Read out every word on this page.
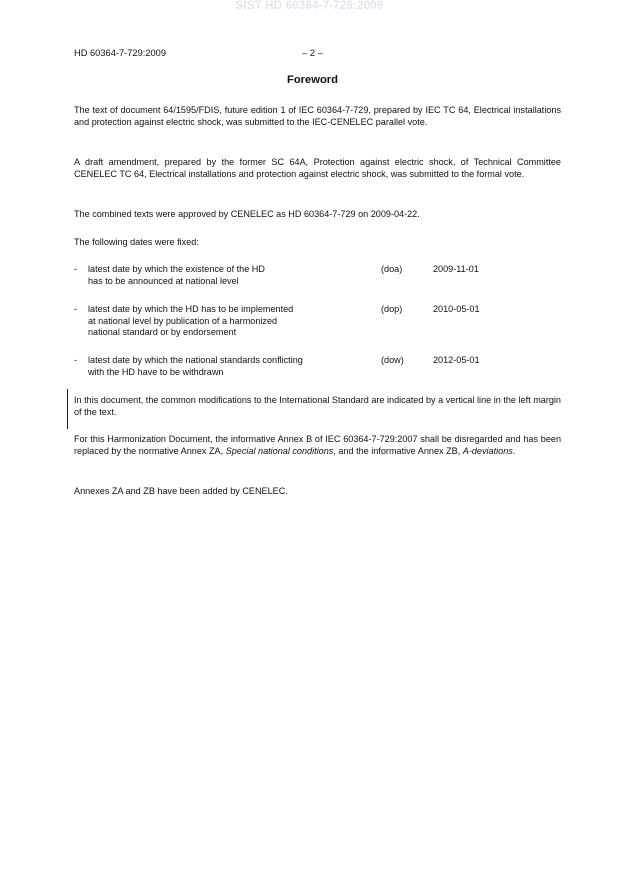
SIST HD 60364-7-729:2009
HD 60364-7-729:2009	– 2 –
Foreword
The text of document 64/1595/FDIS, future edition 1 of IEC 60364-7-729, prepared by IEC TC 64, Electrical installations and protection against electric shock, was submitted to the IEC-CENELEC parallel vote.
A draft amendment, prepared by the former SC 64A, Protection against electric shock, of Technical Committee CENELEC TC 64, Electrical installations and protection against electric shock, was submitted to the formal vote.
The combined texts were approved by CENELEC as HD 60364-7-729 on 2009-04-22.
The following dates were fixed:
- latest date by which the existence of the HD
has to be announced at national level
(doa)	2009-11-01
- latest date by which the HD has to be implemented
at national level by publication of a harmonized
national standard or by endorsement
(dop)	2010-05-01
- latest date by which the national standards conflicting
with the HD have to be withdrawn
(dow)	2012-05-01
In this document, the common modifications to the International Standard are indicated by a vertical line in the left margin of the text.
For this Harmonization Document, the informative Annex B of IEC 60364-7-729:2007 shall be disregarded and has been replaced by the normative Annex ZA, Special national conditions, and the informative Annex ZB, A-deviations.
Annexes ZA and ZB have been added by CENELEC.
